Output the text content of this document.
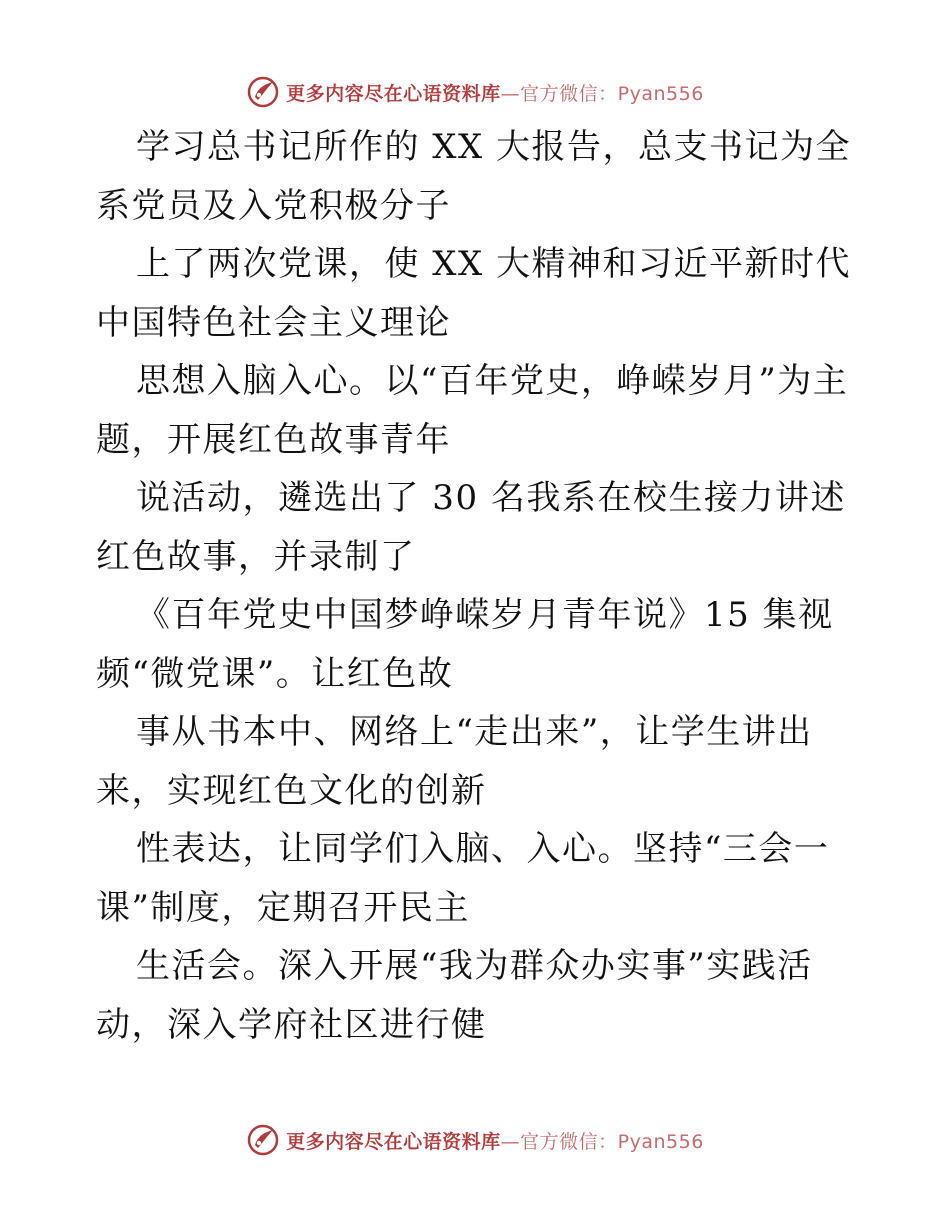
更多内容尽在心语资料库—官方微信：Pyan556

学习总书记所作的 XX 大报告，总支书记为全系党员及入党积极分子

上了两次党课，使 XX 大精神和习近平新时代中国特色社会主义理论

思想入脑入心。以“百年党史，峥嵘岁月”为主题，开展红色故事青年

说活动，遴选出了 30 名我系在校生接力讲述红色故事，并录制了

《百年党史中国梦峥嵘岁月青年说》15 集视频“微党课”。让红色故

事从书本中、网络上“走出来”，让学生讲出来，实现红色文化的创新

性表达，让同学们入脑、入心。坚持“三会一课”制度，定期召开民主

生活会。深入开展“我为群众办实事”实践活动，深入学府社区进行健

更多内容尽在心语资料库—官方微信：Pyan556
